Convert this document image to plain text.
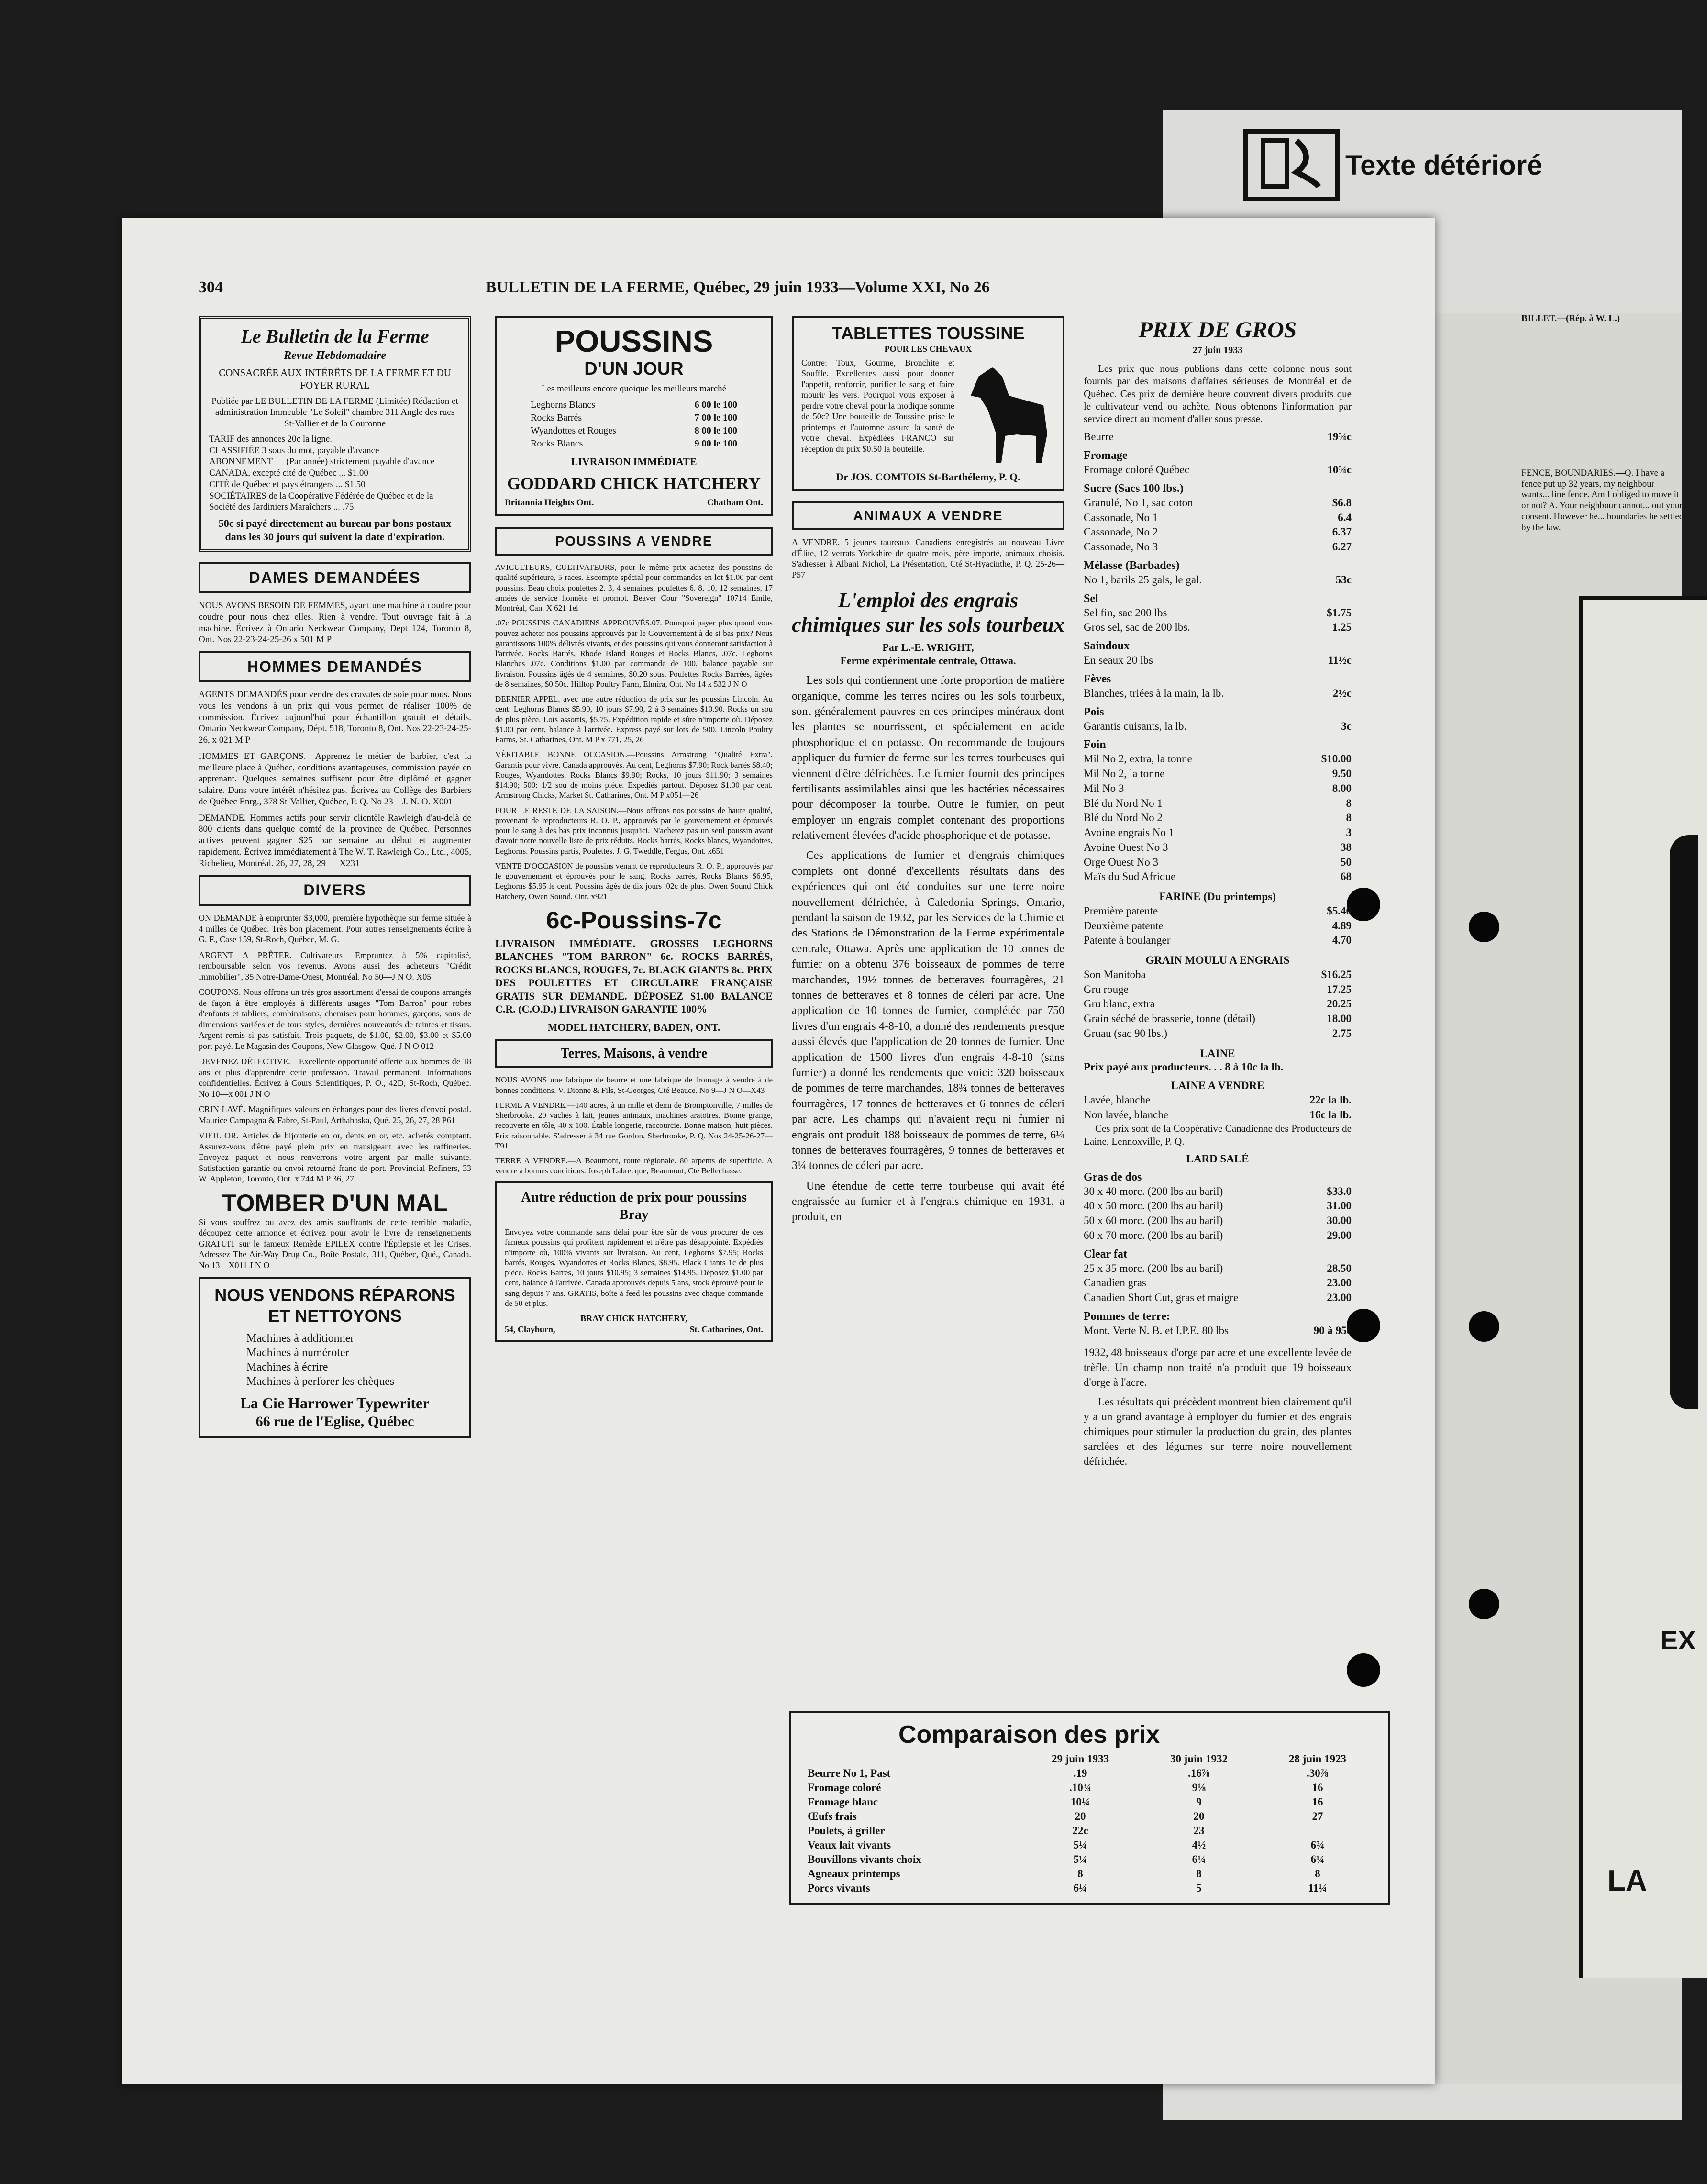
BILLET.—(Rép. à W. L.)
FENCE, BOUNDARIES.—Q. I have a fence put up 32 years, my neighbour wants... line fence. Am I obliged to move it or not? A. Your neighbour cannot... out your consent. However he... boundaries be settled by the law.
EX
LA
Texte détérioré
304	BULLETIN DE LA FERME, Québec, 29 juin 1933—Volume XXI, No 26
Le Bulletin de la Ferme
Revue Hebdomadaire
CONSACRÉE AUX INTÉRÊTS DE LA FERME ET DU FOYER RURAL
Publiée par LE BULLETIN DE LA FERME (Limitée) Rédaction et administration Immeuble "Le Soleil" chambre 311 Angle des rues St-Vallier et de la Couronne
TARIF des annonces 20c la ligne.
CLASSIFIÉE 3 sous du mot, payable d'avance
ABONNEMENT — (Par année) strictement payable d'avance
CANADA, excepté cité de Québec ... $1.00
CITÉ de Québec et pays étrangers ... $1.50
SOCIÉTAIRES de la Coopérative Fédérée de Québec et de la Société des Jardiniers Maraîchers ... .75
50c si payé directement au bureau par bons postaux dans les 30 jours qui suivent la date d'expiration.
DAMES DEMANDÉES

NOUS AVONS BESOIN DE FEMMES, ayant une machine à coudre pour coudre pour nous chez elles. Rien à vendre. Tout ouvrage fait à la machine. Écrivez à Ontario Neckwear Company, Dept 124, Toronto 8, Ont. Nos 22-23-24-25-26 x 501 M P

HOMMES DEMANDÉS

AGENTS DEMANDÉS pour vendre des cravates de soie pour nous. Nous vous les vendons à un prix qui vous permet de réaliser 100% de commission. Écrivez aujourd'hui pour échantillon gratuit et détails. Ontario Neckwear Company, Dépt. 518, Toronto 8, Ont. Nos 22-23-24-25-26, x 021 M P

HOMMES ET GARÇONS.—Apprenez le métier de barbier, c'est la meilleure place à Québec, conditions avantageuses, commission payée en apprenant. Quelques semaines suffisent pour être diplômé et gagner salaire. Dans votre intérêt n'hésitez pas. Écrivez au Collège des Barbiers de Québec Enrg., 378 St-Vallier, Québec, P. Q. No 23—J. N. O. X001

DEMANDE. Hommes actifs pour servir clientèle Rawleigh d'au-delà de 800 clients dans quelque comté de la province de Québec. Personnes actives peuvent gagner $25 par semaine au début et augmenter rapidement. Écrivez immédiatement à The W. T. Rawleigh Co., Ltd., 4005, Richelieu, Montréal. 26, 27, 28, 29 — X231

DIVERS

ON DEMANDE à emprunter $3,000, première hypothèque sur ferme située à 4 milles de Québec. Très bon placement. Pour autres renseignements écrire à G. F., Case 159, St-Roch, Québec, M. G.

ARGENT A PRÊTER.—Cultivateurs! Empruntez à 5% capitalisé, remboursable selon vos revenus. Avons aussi des acheteurs "Crédit Immobilier", 35 Notre-Dame-Ouest, Montréal. No 50—J N O. X05

COUPONS. Nous offrons un très gros assortiment d'essai de coupons arrangés de façon à être employés à différents usages "Tom Barron" pour robes d'enfants et tabliers, combinaisons, chemises pour hommes, garçons, sous de dimensions variées et de tous styles, dernières nouveautés de teintes et tissus. Argent remis si pas satisfait. Trois paquets, de $1.00, $2.00, $3.00 et $5.00 port payé. Le Magasin des Coupons, New-Glasgow, Qué. J N O 012

DEVENEZ DÉTECTIVE.—Excellente opportunité offerte aux hommes de 18 ans et plus d'apprendre cette profession. Travail permanent. Informations confidentielles. Écrivez à Cours Scientifiques, P. O., 42D, St-Roch, Québec. No 10—x 001 J N O

CRIN LAVÉ. Magnifiques valeurs en échanges pour des livres d'envoi postal. Maurice Campagna & Fabre, St-Paul, Arthabaska, Qué. 25, 26, 27, 28 P61

VIEIL OR. Articles de bijouterie en or, dents en or, etc. achetés comptant. Assurez-vous d'être payé plein prix en transigeant avec les raffineries. Envoyez paquet et nous renverrons votre argent par malle suivante. Satisfaction garantie ou envoi retourné franc de port. Provincial Refiners, 33 W. Appleton, Toronto, Ont. x 744 M P 36, 27

TOMBER D'UN MAL

Si vous souffrez ou avez des amis souffrants de cette terrible maladie, découpez cette annonce et écrivez pour avoir le livre de renseignements GRATUIT sur le fameux Remède EPILEX contre l'Épilepsie et les Crises. Adressez The Air-Way Drug Co., Boîte Postale, 311, Québec, Qué., Canada. No 13—X011 J N O

NOUS VENDONS RÉPARONS ET NETTOYONS
Machines à additionner
Machines à numéroter
Machines à écrire
Machines à perforer les chèques
La Cie Harrower Typewriter
66 rue de l'Eglise, Québec
POUSSINS
D'UN JOUR
Les meilleurs encore quoique les meilleurs marché
Leghorns Blancs	6 00 le 100
Rocks Barrés	7 00 le 100
Wyandottes et Rouges	8 00 le 100
Rocks Blancs	9 00 le 100
LIVRAISON IMMÉDIATE
GODDARD CHICK HATCHERY
Britannia Heights Ont.	Chatham Ont.
POUSSINS A VENDRE

AVICULTEURS, CULTIVATEURS, pour le même prix achetez des poussins de qualité supérieure, 5 races. Escompte spécial pour commandes en lot $1.00 par cent poussins. Beau choix poulettes 2, 3, 4 semaines, poulettes 6, 8, 10, 12 semaines, 17 années de service honnête et prompt. Beaver Cour "Sovereign" 10714 Emile, Montréal, Can. X 621 1el

.07c POUSSINS CANADIENS APPROUVÉS.07. Pourquoi payer plus quand vous pouvez acheter nos poussins approuvés par le Gouvernement à de si bas prix? Nous garantissons 100% délivrés vivants, et des poussins qui vous donneront satisfaction à l'arrivée. Rocks Barrés, Rhode Island Rouges et Rocks Blancs, .07c. Leghorns Blanches .07c. Conditions $1.00 par commande de 100, balance payable sur livraison. Poussins âgés de 4 semaines, $0.20 sous. Poulettes Rocks Barrées, âgées de 8 semaines, $0 50c. Hilltop Poultry Farm, Elmira, Ont. No 14 x 532 J N O

DERNIER APPEL, avec une autre réduction de prix sur les poussins Lincoln. Au cent: Leghorns Blancs $5.90, 10 jours $7.90, 2 à 3 semaines $10.90. Rocks un sou de plus pièce. Lots assortis, $5.75. Expédition rapide et sûre n'importe où. Déposez $1.00 par cent, balance à l'arrivée. Express payé sur lots de 500. Lincoln Poultry Farms, St. Catharines, Ont. M P x 771, 25, 26

VÉRITABLE BONNE OCCASION.—Poussins Armstrong "Qualité Extra". Garantis pour vivre. Canada approuvés. Au cent, Leghorns $7.90; Rock barrés $8.40; Rouges, Wyandottes, Rocks Blancs $9.90; Rocks, 10 jours $11.90; 3 semaines $14.90; 500: 1/2 sou de moins pièce. Expédiés partout. Déposez $1.00 par cent. Armstrong Chicks, Market St. Catharines, Ont. M P x051—26

POUR LE RESTE DE LA SAISON.—Nous offrons nos poussins de haute qualité, provenant de reproducteurs R. O. P., approuvés par le gouvernement et éprouvés pour le sang à des bas prix inconnus jusqu'ici. N'achetez pas un seul poussin avant d'avoir notre nouvelle liste de prix réduits. Rocks barrés, Rocks blancs, Wyandottes, Leghorns. Poussins partis, Poulettes. J. G. Tweddle, Fergus, Ont. x651

VENTE D'OCCASION de poussins venant de reproducteurs R. O. P., approuvés par le gouvernement et éprouvés pour le sang. Rocks barrés, Rocks Blancs $6.95, Leghorns $5.95 le cent. Poussins âgés de dix jours .02c de plus. Owen Sound Chick Hatchery, Owen Sound, Ont. x921

6c-Poussins-7c

LIVRAISON IMMÉDIATE. GROSSES LEGHORNS BLANCHES "TOM BARRON" 6c. ROCKS BARRÉS, ROCKS BLANCS, ROUGES, 7c. BLACK GIANTS 8c. PRIX DES POULETTES ET CIRCULAIRE FRANÇAISE GRATIS SUR DEMANDE. DÉPOSEZ $1.00 BALANCE C.R. (C.O.D.) LIVRAISON GARANTIE 100%

MODEL HATCHERY, BADEN, ONT.
Terres, Maisons, à vendre

NOUS AVONS une fabrique de beurre et une fabrique de fromage à vendre à de bonnes conditions. V. Dionne & Fils, St-Georges, Cté Beauce. No 9—J N O—X43

FERME A VENDRE.—140 acres, à un mille et demi de Bromptonville, 7 milles de Sherbrooke. 20 vaches à lait, jeunes animaux, machines aratoires. Bonne grange, recouverte en tôle, 40 x 100. Étable longerie, raccourcie. Bonne maison, huit pièces. Prix raisonnable. S'adresser à 34 rue Gordon, Sherbrooke, P. Q. Nos 24-25-26-27—T91

TERRE A VENDRE.—A Beaumont, route régionale. 80 arpents de superficie. A vendre à bonnes conditions. Joseph Labrecque, Beaumont, Cté Bellechasse.

Autre réduction de prix pour poussins Bray

Envoyez votre commande sans délai pour être sûr de vous procurer de ces fameux poussins qui profitent rapidement et n'être pas désappointé. Expédiés n'importe où, 100% vivants sur livraison. Au cent, Leghorns $7.95; Rocks barrés, Rouges, Wyandottes et Rocks Blancs, $8.95. Black Giants 1c de plus pièce. Rocks Barrés, 10 jours $10.95; 3 semaines $14.95. Déposez $1.00 par cent, balance à l'arrivée. Canada approuvés depuis 5 ans, stock éprouvé pour le sang depuis 7 ans. GRATIS, boîte à feed les poussins avec chaque commande de 50 et plus.

BRAY CHICK HATCHERY,
54, Clayburn,	St. Catharines, Ont.
TABLETTES TOUSSINE
POUR LES CHEVAUX

Contre: Toux, Gourme, Bronchite et Souffle. Excellentes aussi pour donner l'appétit, renforcir, purifier le sang et faire mourir les vers. Pourquoi vous exposer à perdre votre cheval pour la modique somme de 50c? Une bouteille de Toussine prise le printemps et l'automne assure la santé de votre cheval. Expédiées FRANCO sur réception du prix $0.50 la bouteille.

Dr JOS. COMTOIS St-Barthélemy, P. Q.
ANIMAUX A VENDRE

A VENDRE. 5 jeunes taureaux Canadiens enregistrés au nouveau Livre d'Élite, 12 verrats Yorkshire de quatre mois, père importé, animaux choisis. S'adresser à Albani Nichol, La Présentation, Cté St-Hyacinthe, P. Q. 25-26—P57

L'emploi des engrais chimiques sur les sols tourbeux
Par L.-E. WRIGHT,
Ferme expérimentale centrale, Ottawa.

Les sols qui contiennent une forte proportion de matière organique, comme les terres noires ou les sols tourbeux, sont généralement pauvres en ces principes minéraux dont les plantes se nourrissent, et spécialement en acide phosphorique et en potasse. On recommande de toujours appliquer du fumier de ferme sur les terres tourbeuses qui viennent d'être défrichées. Le fumier fournit des principes fertilisants assimilables ainsi que les bactéries nécessaires pour décomposer la tourbe. Outre le fumier, on peut employer un engrais complet contenant des proportions relativement élevées d'acide phosphorique et de potasse.

Ces applications de fumier et d'engrais chimiques complets ont donné d'excellents résultats dans des expériences qui ont été conduites sur une terre noire nouvellement défrichée, à Caledonia Springs, Ontario, pendant la saison de 1932, par les Services de la Chimie et des Stations de Démonstration de la Ferme expérimentale centrale, Ottawa. Après une application de 10 tonnes de fumier on a obtenu 376 boisseaux de pommes de terre marchandes, 19½ tonnes de betteraves fourragères, 21 tonnes de betteraves et 8 tonnes de céleri par acre. Une application de 10 tonnes de fumier, complétée par 750 livres d'un engrais 4-8-10, a donné des rendements presque aussi élevés que l'application de 20 tonnes de fumier. Une application de 1500 livres d'un engrais 4-8-10 (sans fumier) a donné les rendements que voici: 320 boisseaux de pommes de terre marchandes, 18¾ tonnes de betteraves fourragères, 17 tonnes de betteraves et 6 tonnes de céleri par acre. Les champs qui n'avaient reçu ni fumier ni engrais ont produit 188 boisseaux de pommes de terre, 6¼ tonnes de betteraves fourragères, 9 tonnes de betteraves et 3¼ tonnes de céleri par acre.

Une étendue de cette terre tourbeuse qui avait été engraissée au fumier et à l'engrais chimique en 1931, a produit, en

PRIX DE GROS
27 juin 1933

Les prix que nous publions dans cette colonne nous sont fournis par des maisons d'affaires sérieuses de Montréal et de Québec. Ces prix de dernière heure couvrent divers produits que le cultivateur vend ou achète. Nous obtenons l'information par service direct au moment d'aller sous presse.

Beurre	19¾c
Fromage
Fromage coloré Québec	10¾c
Sucre (Sacs 100 lbs.)
Granulé, No 1, sac coton	$6.8
Cassonade, No 1	6.4
Cassonade, No 2	6.37
Cassonade, No 3	6.27
Mélasse (Barbades)
No 1, barils 25 gals, le gal.	53c
Sel
Sel fin, sac 200 lbs	$1.75
Gros sel, sac de 200 lbs.	1.25
Saindoux
En seaux 20 lbs	11½c
Fèves
Blanches, triées à la main, la lb.	2½c
Pois
Garantis cuisants, la lb.	3c
Foin
Mil No 2, extra, la tonne	$10.00
Mil No 2, la tonne	9.50
Mil No 3	8.00
Blé du Nord No 1	8
Blé du Nord No 2	8
Avoine engrais No 1	3
Avoine Ouest No 3	38
Orge Ouest No 3	50
Maïs du Sud Afrique	68
FARINE (Du printemps)
Première patente	$5.40
Deuxième patente	4.89
Patente à boulanger	4.70
GRAIN MOULU A ENGRAIS
Son Manitoba	$16.25
Gru rouge	17.25
Gru blanc, extra	20.25
Grain séché de brasserie, tonne (détail)	18.00
Gruau (sac 90 lbs.)	2.75
LAINE
Prix payé aux producteurs. . . 8 à 10c la lb.
LAINE A VENDRE
Lavée, blanche	22c la lb.
Non lavée, blanche	16c la lb.

Ces prix sont de la Coopérative Canadienne des Producteurs de Laine, Lennoxville, P. Q.

LARD SALÉ
Gras de dos
30 x 40 morc. (200 lbs au baril)	$33.0
40 x 50 morc. (200 lbs au baril)	31.00
50 x 60 morc. (200 lbs au baril)	30.00
60 x 70 morc. (200 lbs au baril)	29.00
Clear fat
25 x 35 morc. (200 lbs au baril)	28.50
Canadien gras	23.00
Canadien Short Cut, gras et maigre	23.00
Pommes de terre:
Mont. Verte N. B. et I.P.E. 80 lbs	90 à 95c

1932, 48 boisseaux d'orge par acre et une excellente levée de trèfle. Un champ non traité n'a produit que 19 boisseaux d'orge à l'acre.

Les résultats qui précèdent montrent bien clairement qu'il y a un grand avantage à employer du fumier et des engrais chimiques pour stimuler la production du grain, des plantes sarclées et des légumes sur terre noire nouvellement défrichée.

Comparaison des prix
	29 juin 1933	30 juin 1932	28 juin 1923
Beurre No 1, Past	.19	.16⅞	.30⅞
Fromage coloré	.10¾	9⅛	16
Fromage blanc	10¼	9	16
Œufs frais	20	20	27
Poulets, à griller	22c	23	
Veaux lait vivants	5¼	4½	6¾
Bouvillons vivants choix	5¼	6¼	6¼
Agneaux printemps	8	8	8
Porcs vivants	6¼	5	11¼
